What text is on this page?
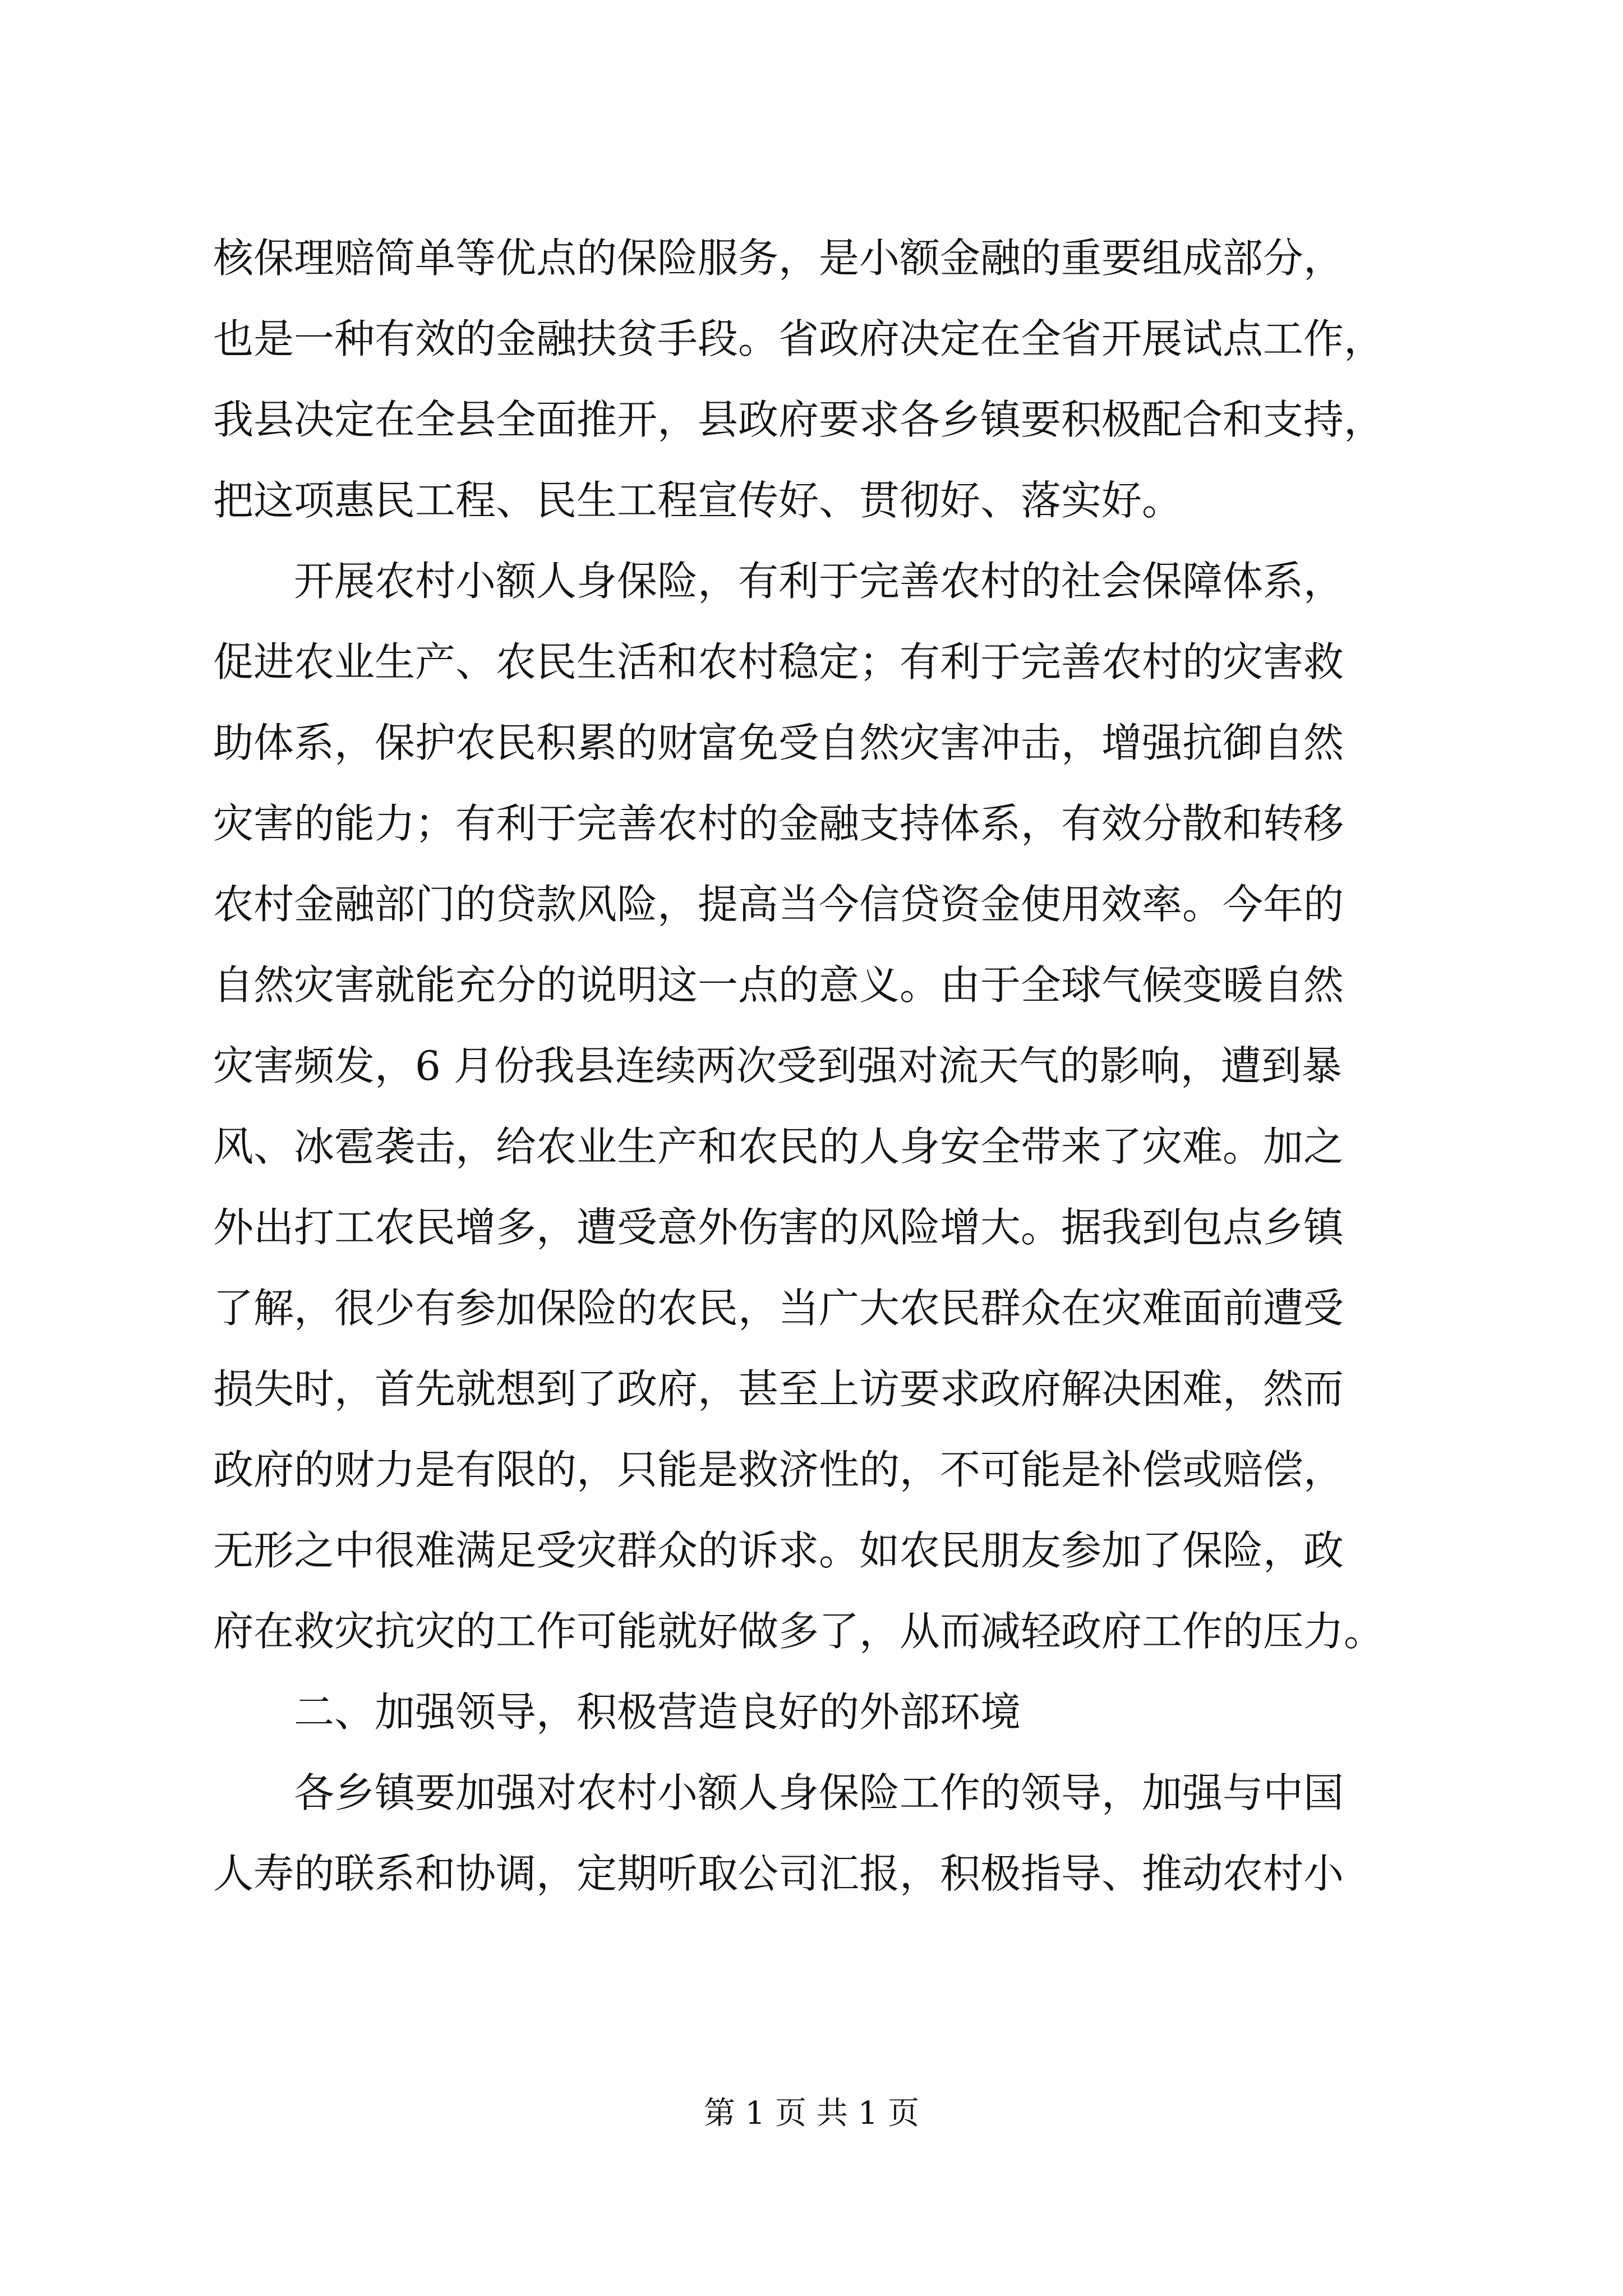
核保理赔简单等优点的保险服务，是小额金融的重要组成部分，
也是一种有效的金融扶贫手段。省政府决定在全省开展试点工作，
我县决定在全县全面推开，县政府要求各乡镇要积极配合和支持，
把这项惠民工程、民生工程宣传好、贯彻好、落实好。
　　开展农村小额人身保险，有利于完善农村的社会保障体系，
促进农业生产、农民生活和农村稳定；有利于完善农村的灾害救
助体系，保护农民积累的财富免受自然灾害冲击，增强抗御自然
灾害的能力；有利于完善农村的金融支持体系，有效分散和转移
农村金融部门的贷款风险，提高当今信贷资金使用效率。今年的
自然灾害就能充分的说明这一点的意义。由于全球气候变暖自然
灾害频发，6 月份我县连续两次受到强对流天气的影响，遭到暴
风、冰雹袭击，给农业生产和农民的人身安全带来了灾难。加之
外出打工农民增多，遭受意外伤害的风险增大。据我到包点乡镇
了解，很少有参加保险的农民，当广大农民群众在灾难面前遭受
损失时，首先就想到了政府，甚至上访要求政府解决困难，然而
政府的财力是有限的，只能是救济性的，不可能是补偿或赔偿，
无形之中很难满足受灾群众的诉求。如农民朋友参加了保险，政
府在救灾抗灾的工作可能就好做多了，从而减轻政府工作的压力。
　　二、加强领导，积极营造良好的外部环境
　　各乡镇要加强对农村小额人身保险工作的领导，加强与中国
人寿的联系和协调，定期听取公司汇报，积极指导、推动农村小
第 1 页 共 1 页
